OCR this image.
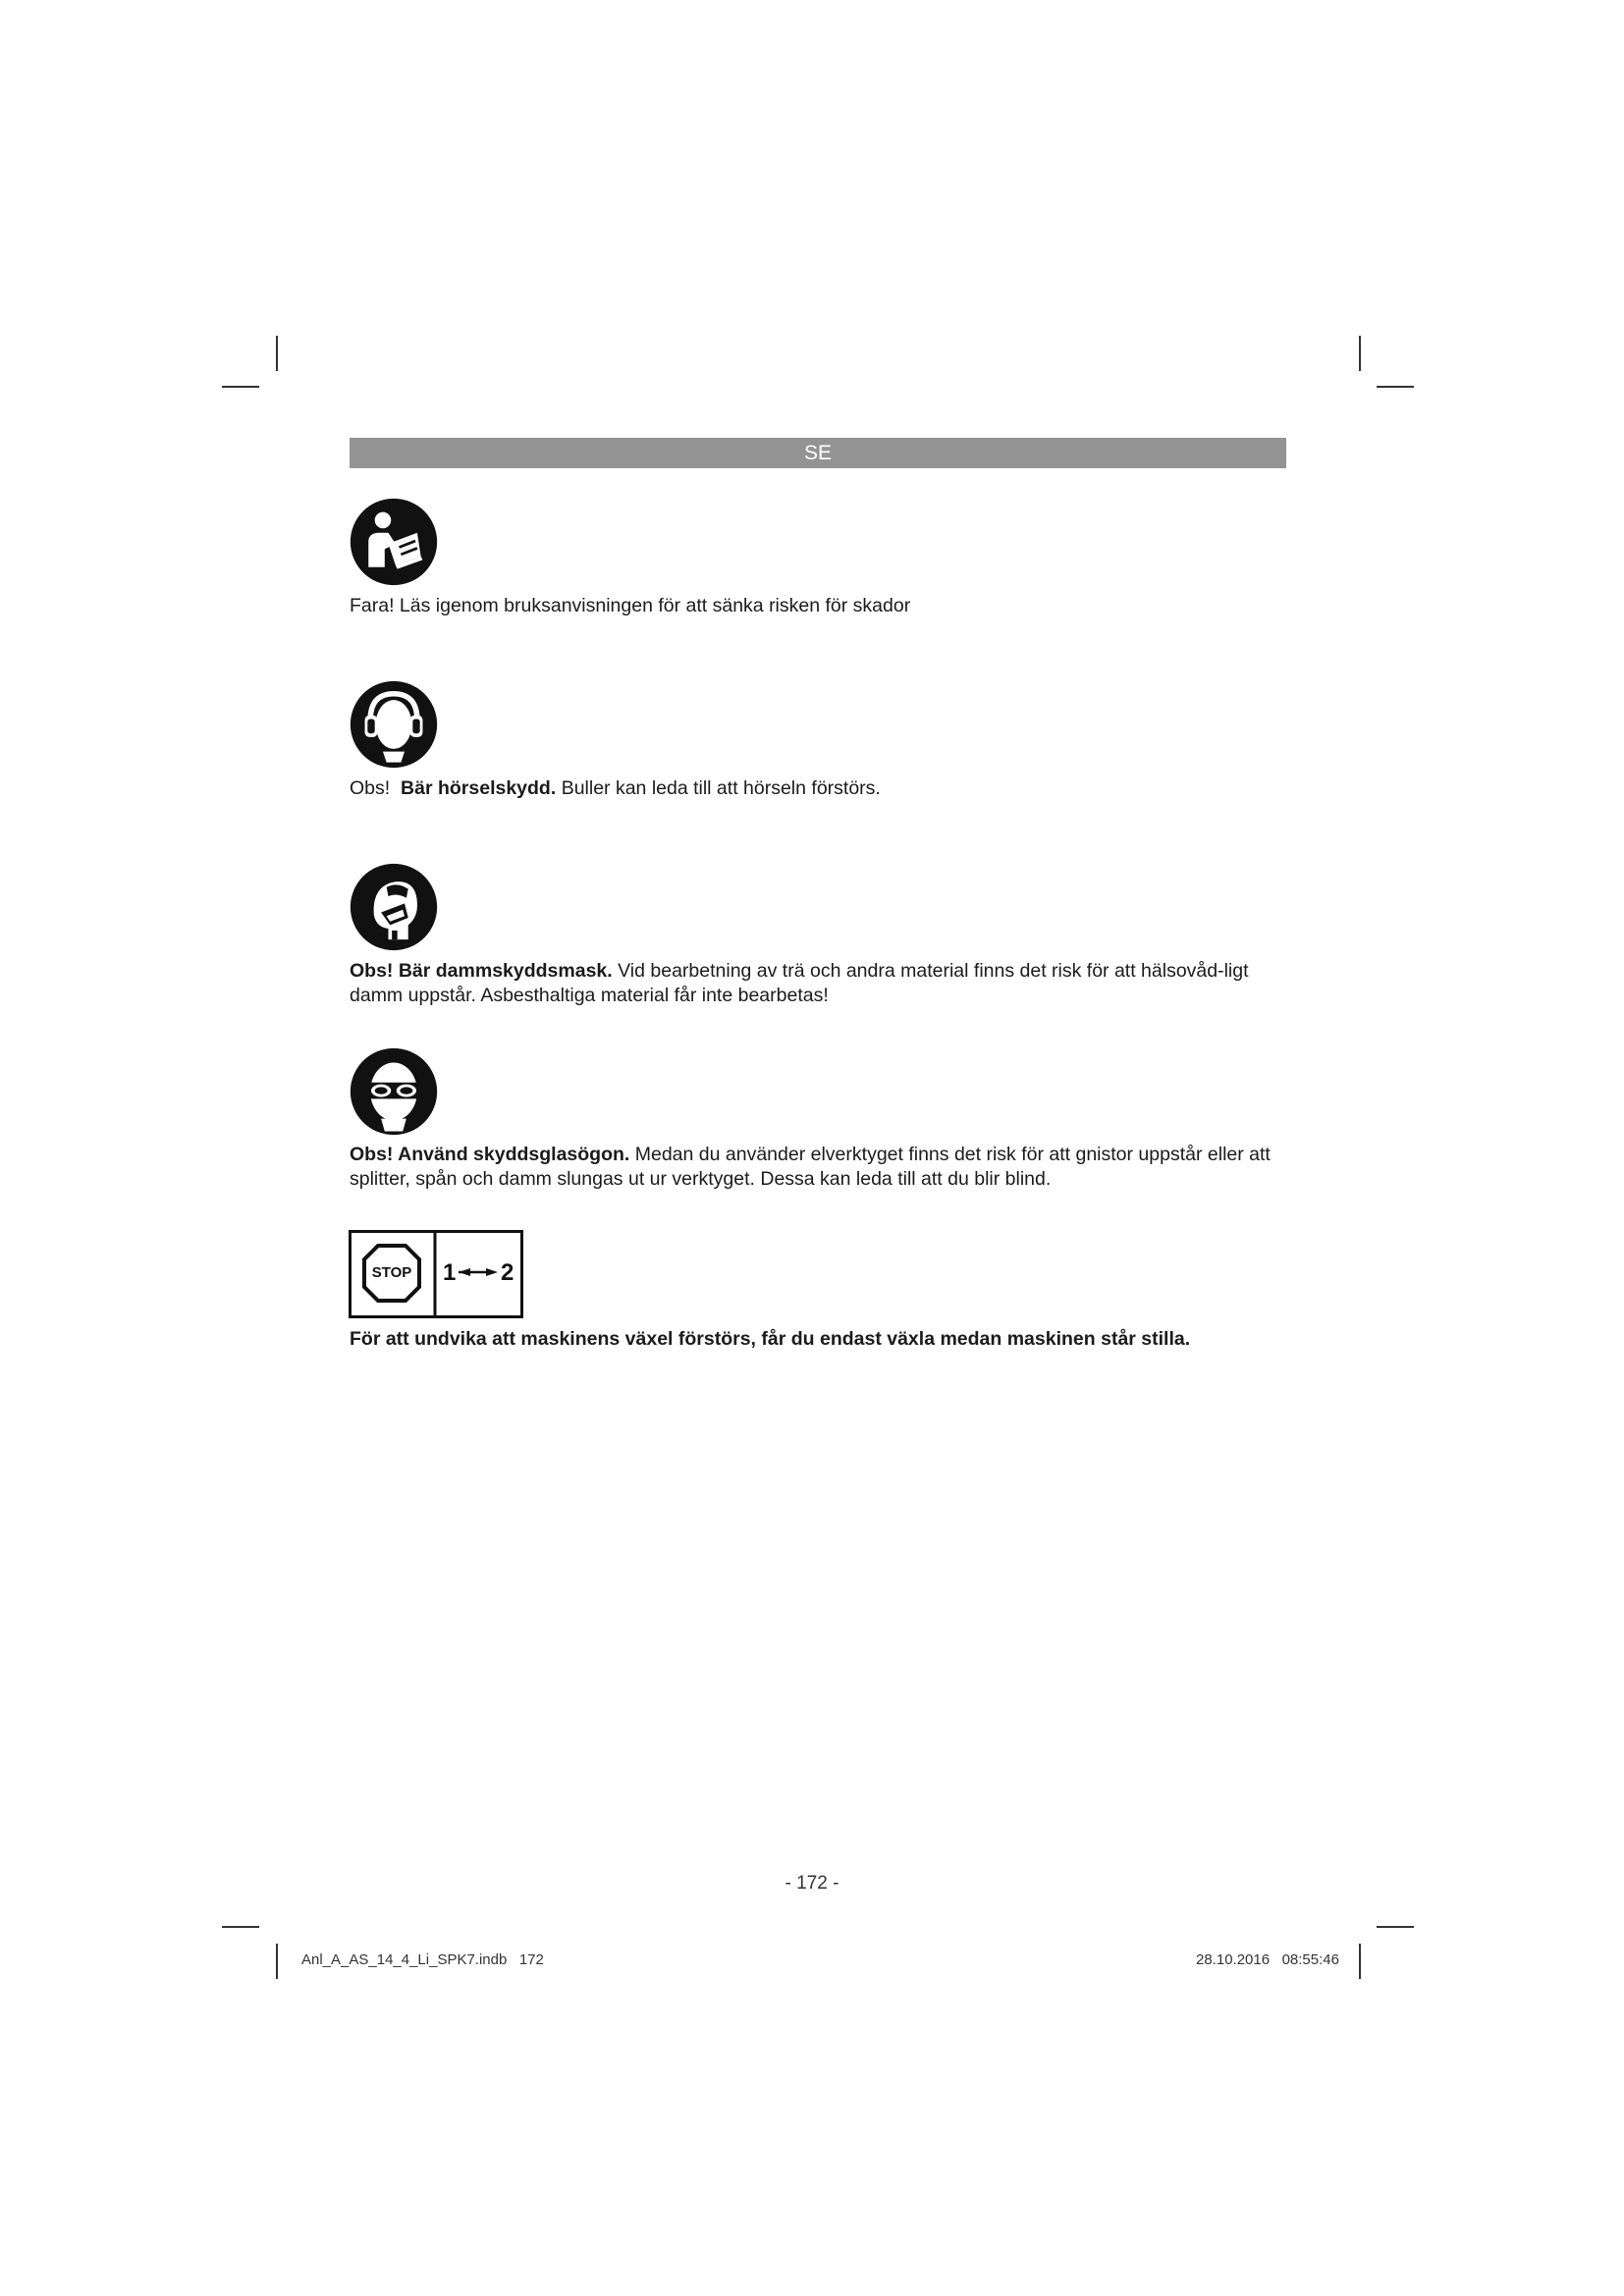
SE
Fara! Läs igenom bruksanvisningen för att sänka risken för skador
Obs! Bär hörselskydd. Buller kan leda till att hörseln förstörs.
Obs! Bär dammskyddsmask. Vid bearbetning av trä och andra material finns det risk för att hälsovåd-ligt damm uppstår. Asbesthaltiga material får inte bearbetas!
Obs! Använd skyddsglasögon. Medan du använder elverktyget finns det risk för att gnistor uppstår eller att splitter, spån och damm slungas ut ur verktyget. Dessa kan leda till att du blir blind.
STOP	1 2
För att undvika att maskinens växel förstörs, får du endast växla medan maskinen står stilla.
- 172 -
Anl_A_AS_14_4_Li_SPK7.indb   172	28.10.2016   08:55:46
